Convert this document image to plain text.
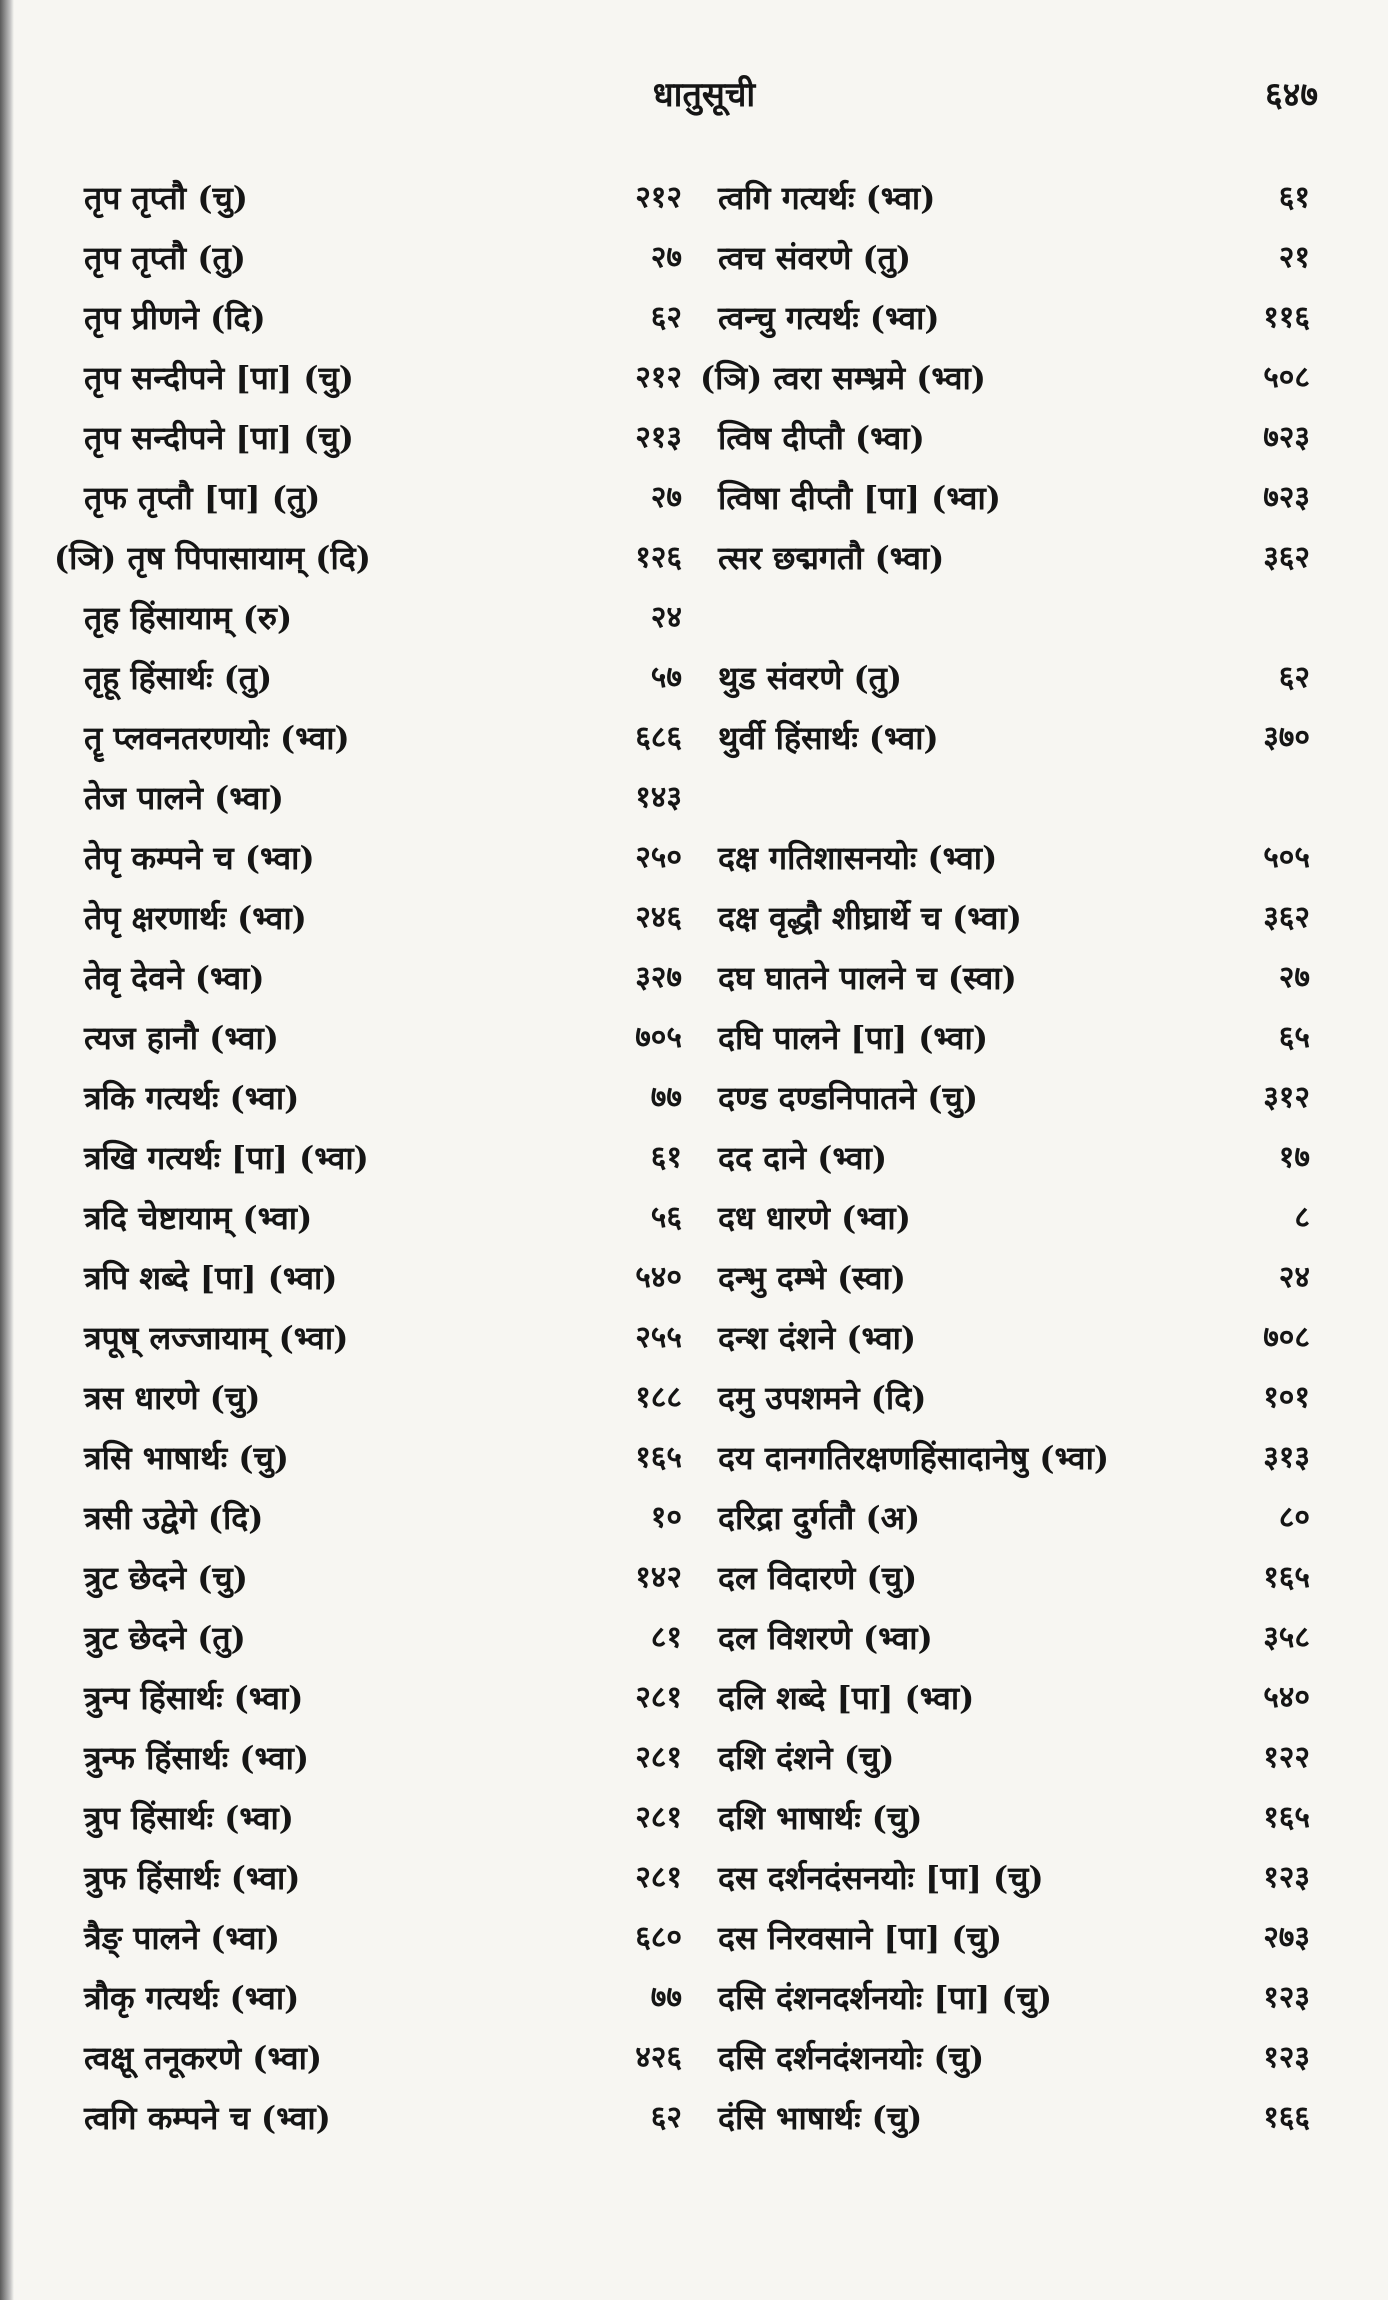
धातुसूची	६४७
तृप तृप्तौ (चु)	२१२
तृप तृप्तौ (तु)	२७
तृप प्रीणने (दि)	६२
तृप सन्दीपने [पा] (चु)	२१२
तृप सन्दीपने [पा] (चु)	२१३
तृफ तृप्तौ [पा] (तु)	२७
(ञि) तृष पिपासायाम् (दि)	१२६
तृह हिंसायाम् (रु)	२४
तृहू हिंसार्थः (तु)	५७
तॄ प्लवनतरणयोः (भ्वा)	६८६
तेज पालने (भ्वा)	१४३
तेपृ कम्पने च (भ्वा)	२५०
तेपृ क्षरणार्थः (भ्वा)	२४६
तेवृ देवने (भ्वा)	३२७
त्यज हानौ (भ्वा)	७०५
त्रकि गत्यर्थः (भ्वा)	७७
त्रखि गत्यर्थः [पा] (भ्वा)	६१
त्रदि चेष्टायाम् (भ्वा)	५६
त्रपि शब्दे [पा] (भ्वा)	५४०
त्रपूष् लज्जायाम् (भ्वा)	२५५
त्रस धारणे (चु)	१८८
त्रसि भाषार्थः (चु)	१६५
त्रसी उद्वेगे (दि)	१०
त्रुट छेदने (चु)	१४२
त्रुट छेदने (तु)	८१
त्रुन्प हिंसार्थः (भ्वा)	२८१
त्रुन्फ हिंसार्थः (भ्वा)	२८१
त्रुप हिंसार्थः (भ्वा)	२८१
त्रुफ हिंसार्थः (भ्वा)	२८१
त्रैङ् पालने (भ्वा)	६८०
त्रौकृ गत्यर्थः (भ्वा)	७७
त्वक्षू तनूकरणे (भ्वा)	४२६
त्वगि कम्पने च (भ्वा)	६२
त्वगि गत्यर्थः (भ्वा)	६१
त्वच संवरणे (तु)	२१
त्वन्चु गत्यर्थः (भ्वा)	११६
(ञि) त्वरा सम्भ्रमे (भ्वा)	५०८
त्विष दीप्तौ (भ्वा)	७२३
त्विषा दीप्तौ [पा] (भ्वा)	७२३
त्सर छद्मगतौ (भ्वा)	३६२
थुड संवरणे (तु)	६२
थुर्वी हिंसार्थः (भ्वा)	३७०
दक्ष गतिशासनयोः (भ्वा)	५०५
दक्ष वृद्धौ शीघ्रार्थे च (भ्वा)	३६२
दघ घातने पालने च (स्वा)	२७
दघि पालने [पा] (भ्वा)	६५
दण्ड दण्डनिपातने (चु)	३१२
दद दाने (भ्वा)	१७
दध धारणे (भ्वा)	८
दन्भु दम्भे (स्वा)	२४
दन्श दंशने (भ्वा)	७०८
दमु उपशमने (दि)	१०१
दय दानगतिरक्षणहिंसादानेषु (भ्वा)	३१३
दरिद्रा दुर्गतौ (अ)	८०
दल विदारणे (चु)	१६५
दल विशरणे (भ्वा)	३५८
दलि शब्दे [पा] (भ्वा)	५४०
दशि दंशने (चु)	१२२
दशि भाषार्थः (चु)	१६५
दस दर्शनदंसनयोः [पा] (चु)	१२३
दस निरवसाने [पा] (चु)	२७३
दसि दंशनदर्शनयोः [पा] (चु)	१२३
दसि दर्शनदंशनयोः (चु)	१२३
दंसि भाषार्थः (चु)	१६६
